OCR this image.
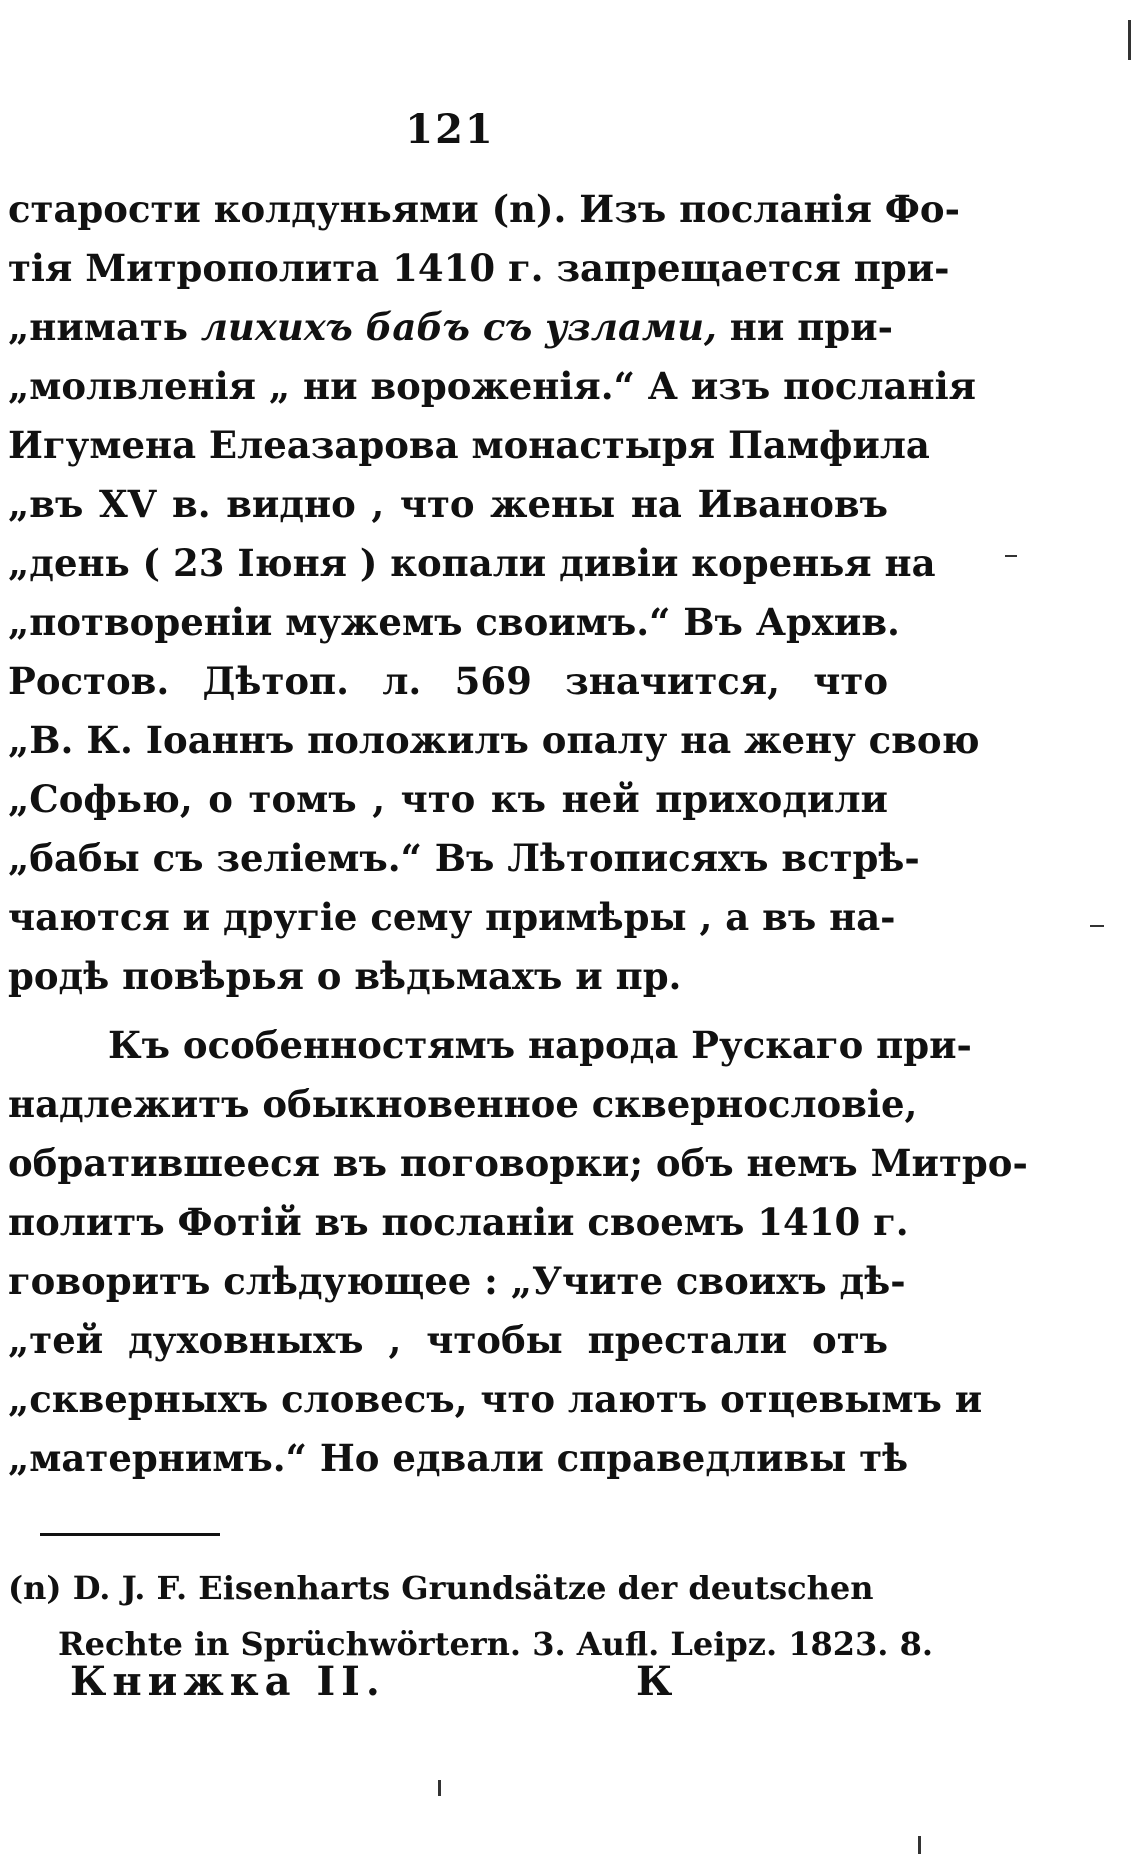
121
старости колдуньями (n). Изъ посланія Фо-
тія Митрополита 1410 г. запрещается при-
„нимать лихихъ бабъ съ узлами, ни при-
„молвленія „ ни вороженія.“ А изъ посланія
Игумена Елеазарова монастыря Памфила
„въ XV в. видно , что жены на Ивановъ
„день ( 23 Іюня ) копали дивіи коренья на
„потвореніи мужемъ своимъ.“ Въ Архив.
Ростов. Дѣтоп. л. 569 значится, что
„В. К. Іоаннъ положилъ опалу на жену свою
„Софью, о томъ , что къ ней приходили
„бабы съ зеліемъ.“ Въ Лѣтописяхъ встрѣ-
чаются и другіе сему примѣры , а въ на-
родѣ повѣрья о вѣдьмахъ и пр.
Къ особенностямъ народа Рускаго при-
надлежитъ обыкновенное сквернословіе,
обратившееся въ поговорки; объ немъ Митро-
политъ Фотій въ посланіи своемъ 1410 г.
говоритъ слѣдующее : „Учите своихъ дѣ-
„тей духовныхъ , чтобы престали отъ
„скверныхъ словесъ, что лаютъ отцевымъ и
„матернимъ.“ Но едвали справедливы тѣ
(n) D. J. F. Eisenharts Grundsätze der deutschen
Rechte in Sprüchwörtern. 3. Aufl. Leipz. 1823. 8.
Книжка II.	К
